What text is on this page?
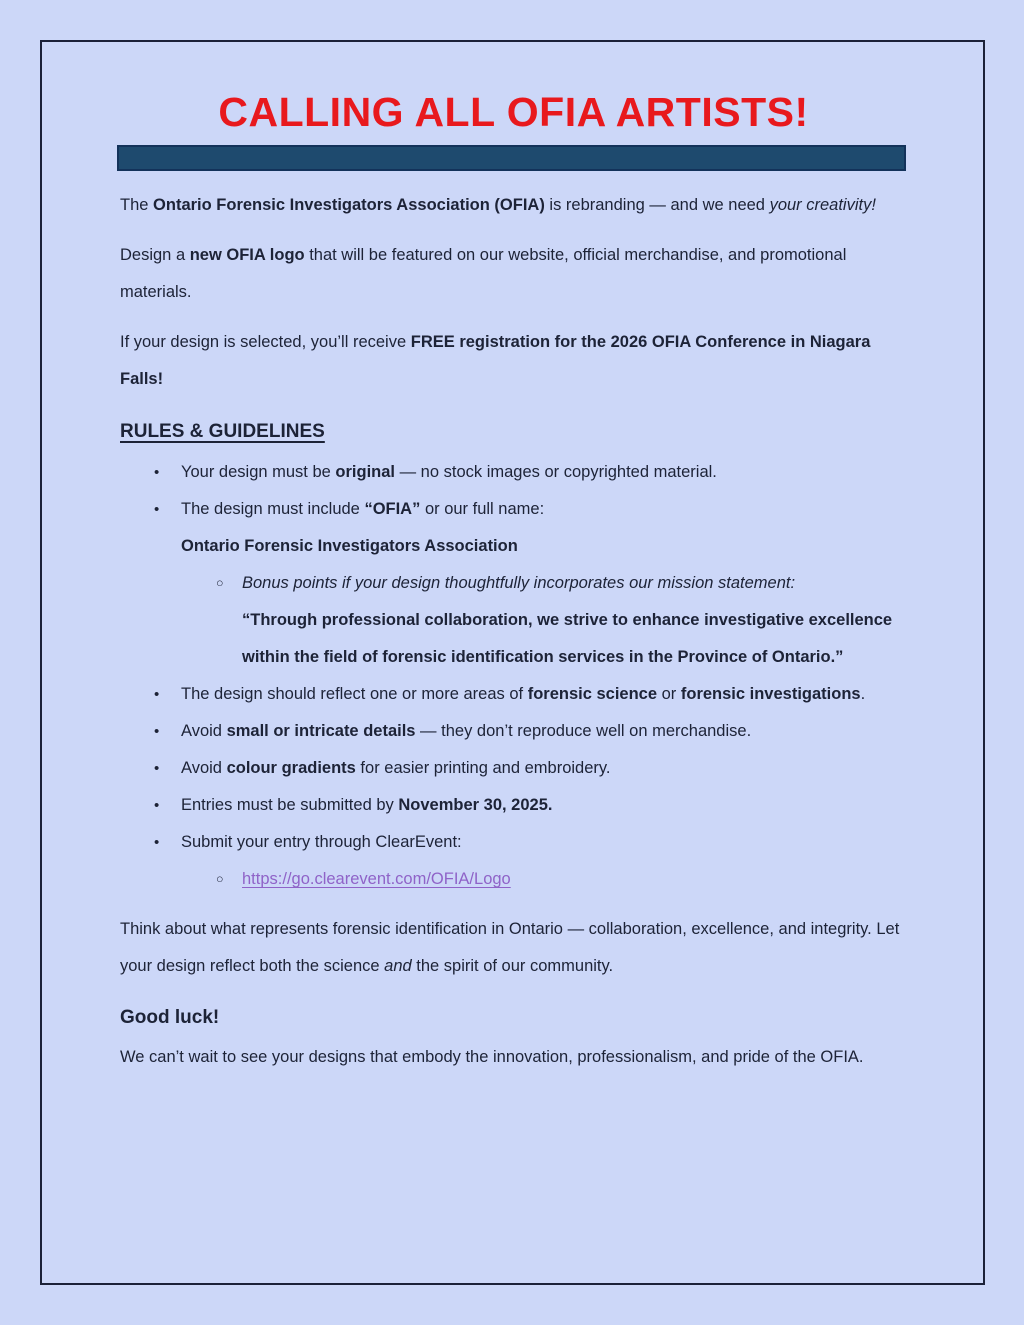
CALLING ALL OFIA ARTISTS!

The Ontario Forensic Investigators Association (OFIA) is rebranding — and we need your creativity!

Design a new OFIA logo that will be featured on our website, official merchandise, and promotional materials.

If your design is selected, you’ll receive FREE registration for the 2026 OFIA Conference in Niagara Falls!

RULES & GUIDELINES
•	Your design must be original — no stock images or copyrighted material.
•	The design must include “OFIA” or our full name:
Ontario Forensic Investigators Association
○	Bonus points if your design thoughtfully incorporates our mission statement:
“Through professional collaboration, we strive to enhance investigative excellence within the field of forensic identification services in the Province of Ontario.”
•	The design should reflect one or more areas of forensic science or forensic investigations.
•	Avoid small or intricate details — they don’t reproduce well on merchandise.
•	Avoid colour gradients for easier printing and embroidery.
•	Entries must be submitted by November 30, 2025.
•	Submit your entry through ClearEvent:
○	https://go.clearevent.com/OFIA/Logo

Think about what represents forensic identification in Ontario — collaboration, excellence, and integrity. Let your design reflect both the science and the spirit of our community.

Good luck!

We can’t wait to see your designs that embody the innovation, professionalism, and pride of the OFIA.
